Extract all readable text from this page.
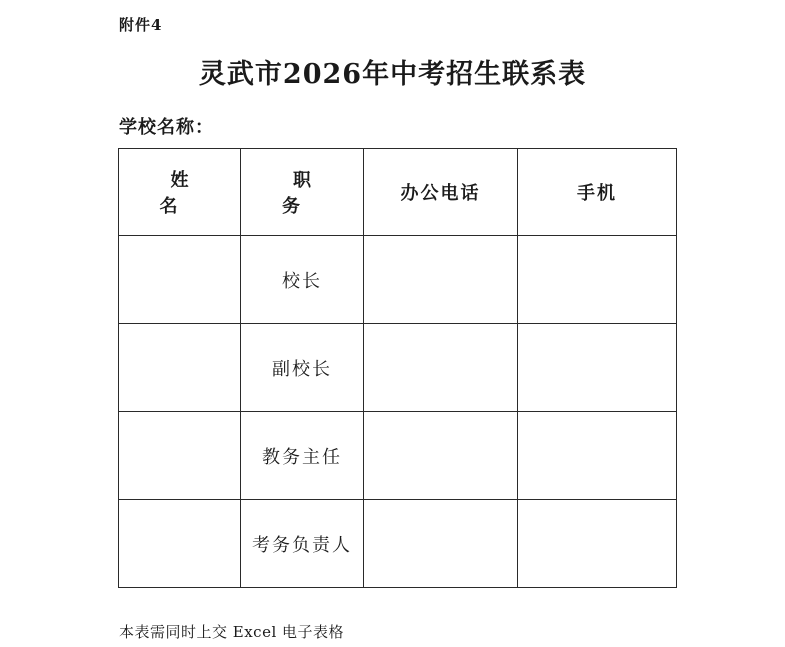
附件4
灵武市2026年中考招生联系表
学校名称：
姓 名	职 务	办公电话	手机
	校长		
	副校长		
	教务主任		
	考务负责人		
本表需同时上交 Excel 电子表格
